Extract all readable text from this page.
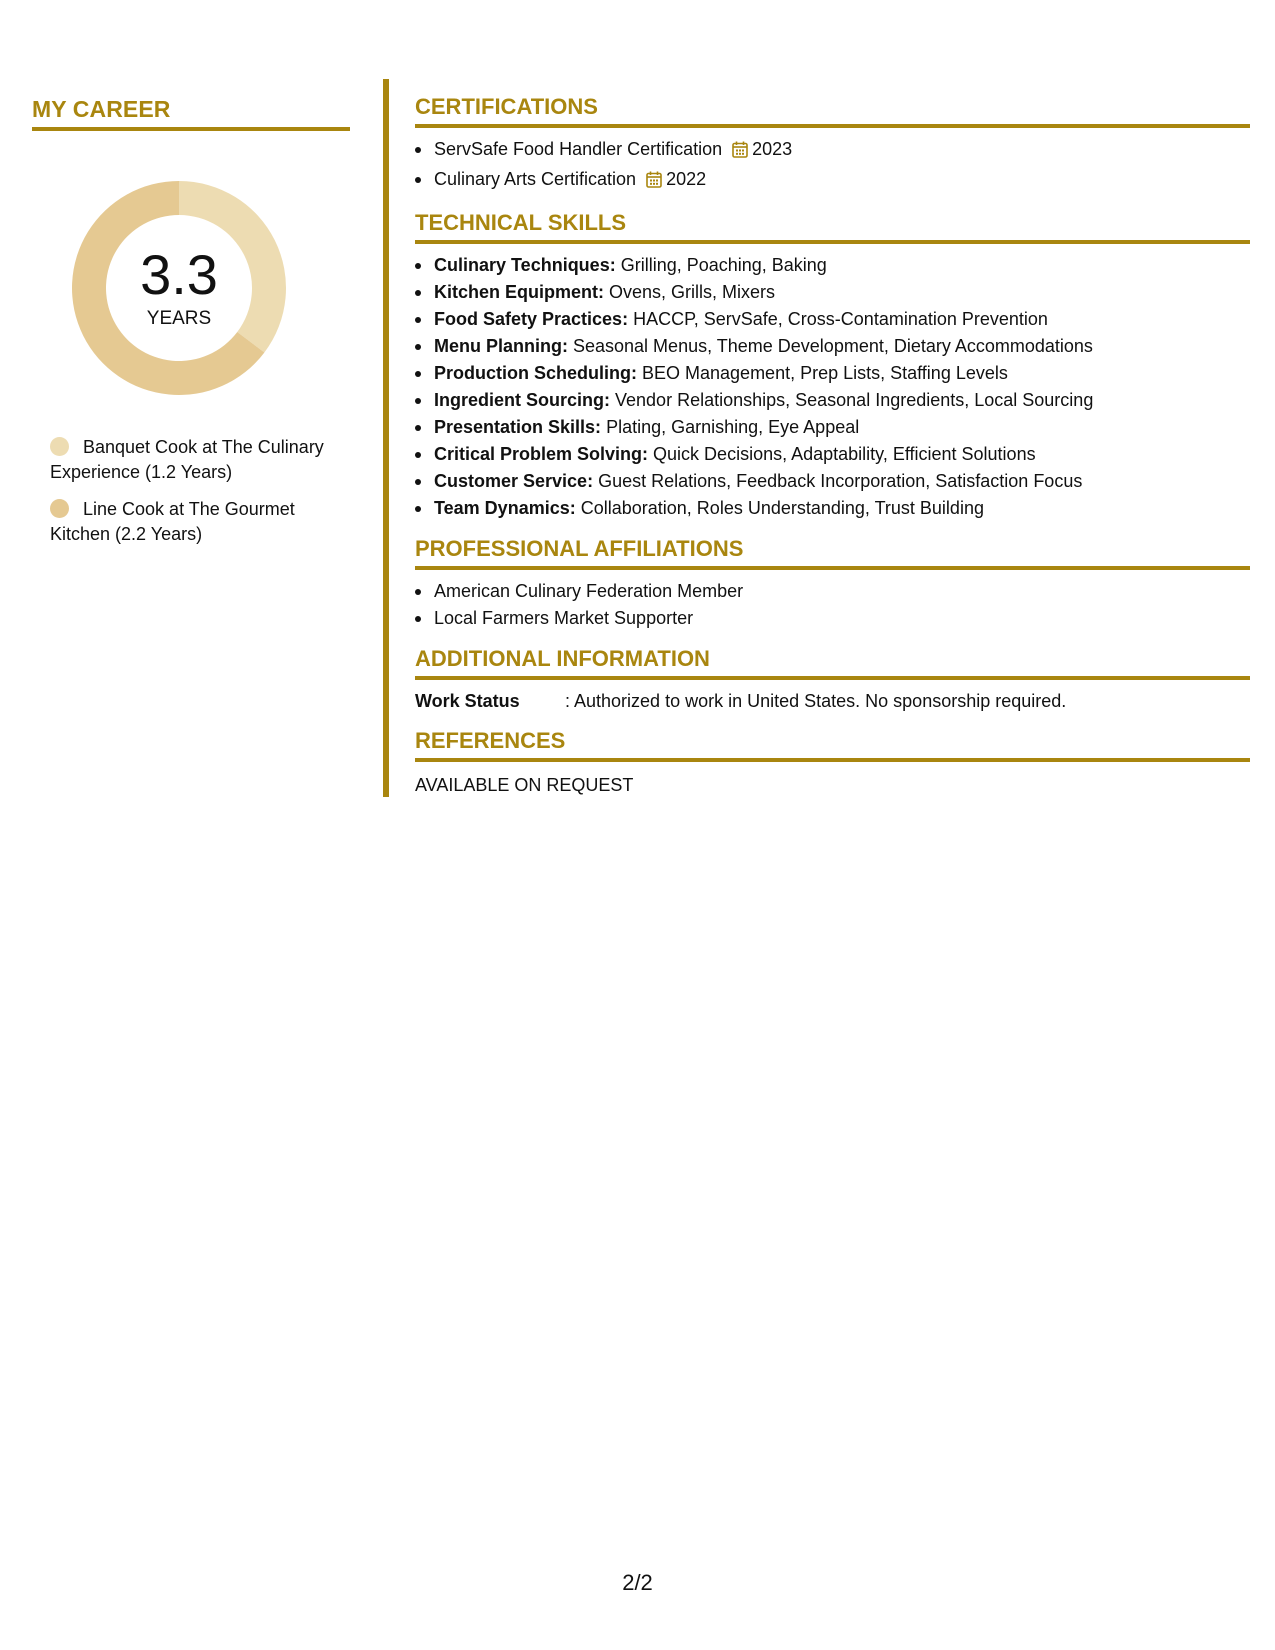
MY CAREER
3.3
YEARS
Banquet Cook at The Culinary Experience (1.2 Years)
Line Cook at The Gourmet Kitchen (2.2 Years)
CERTIFICATIONS
ServSafe Food Handler Certification 2023
Culinary Arts Certification 2022
TECHNICAL SKILLS
Culinary Techniques: Grilling, Poaching, Baking
Kitchen Equipment: Ovens, Grills, Mixers
Food Safety Practices: HACCP, ServSafe, Cross-Contamination Prevention
Menu Planning: Seasonal Menus, Theme Development, Dietary Accommodations
Production Scheduling: BEO Management, Prep Lists, Staffing Levels
Ingredient Sourcing: Vendor Relationships, Seasonal Ingredients, Local Sourcing
Presentation Skills: Plating, Garnishing, Eye Appeal
Critical Problem Solving: Quick Decisions, Adaptability, Efficient Solutions
Customer Service: Guest Relations, Feedback Incorporation, Satisfaction Focus
Team Dynamics: Collaboration, Roles Understanding, Trust Building
PROFESSIONAL AFFILIATIONS
American Culinary Federation Member
Local Farmers Market Supporter
ADDITIONAL INFORMATION
Work Status	: Authorized to work in United States. No sponsorship required.
REFERENCES
AVAILABLE ON REQUEST
2/2
